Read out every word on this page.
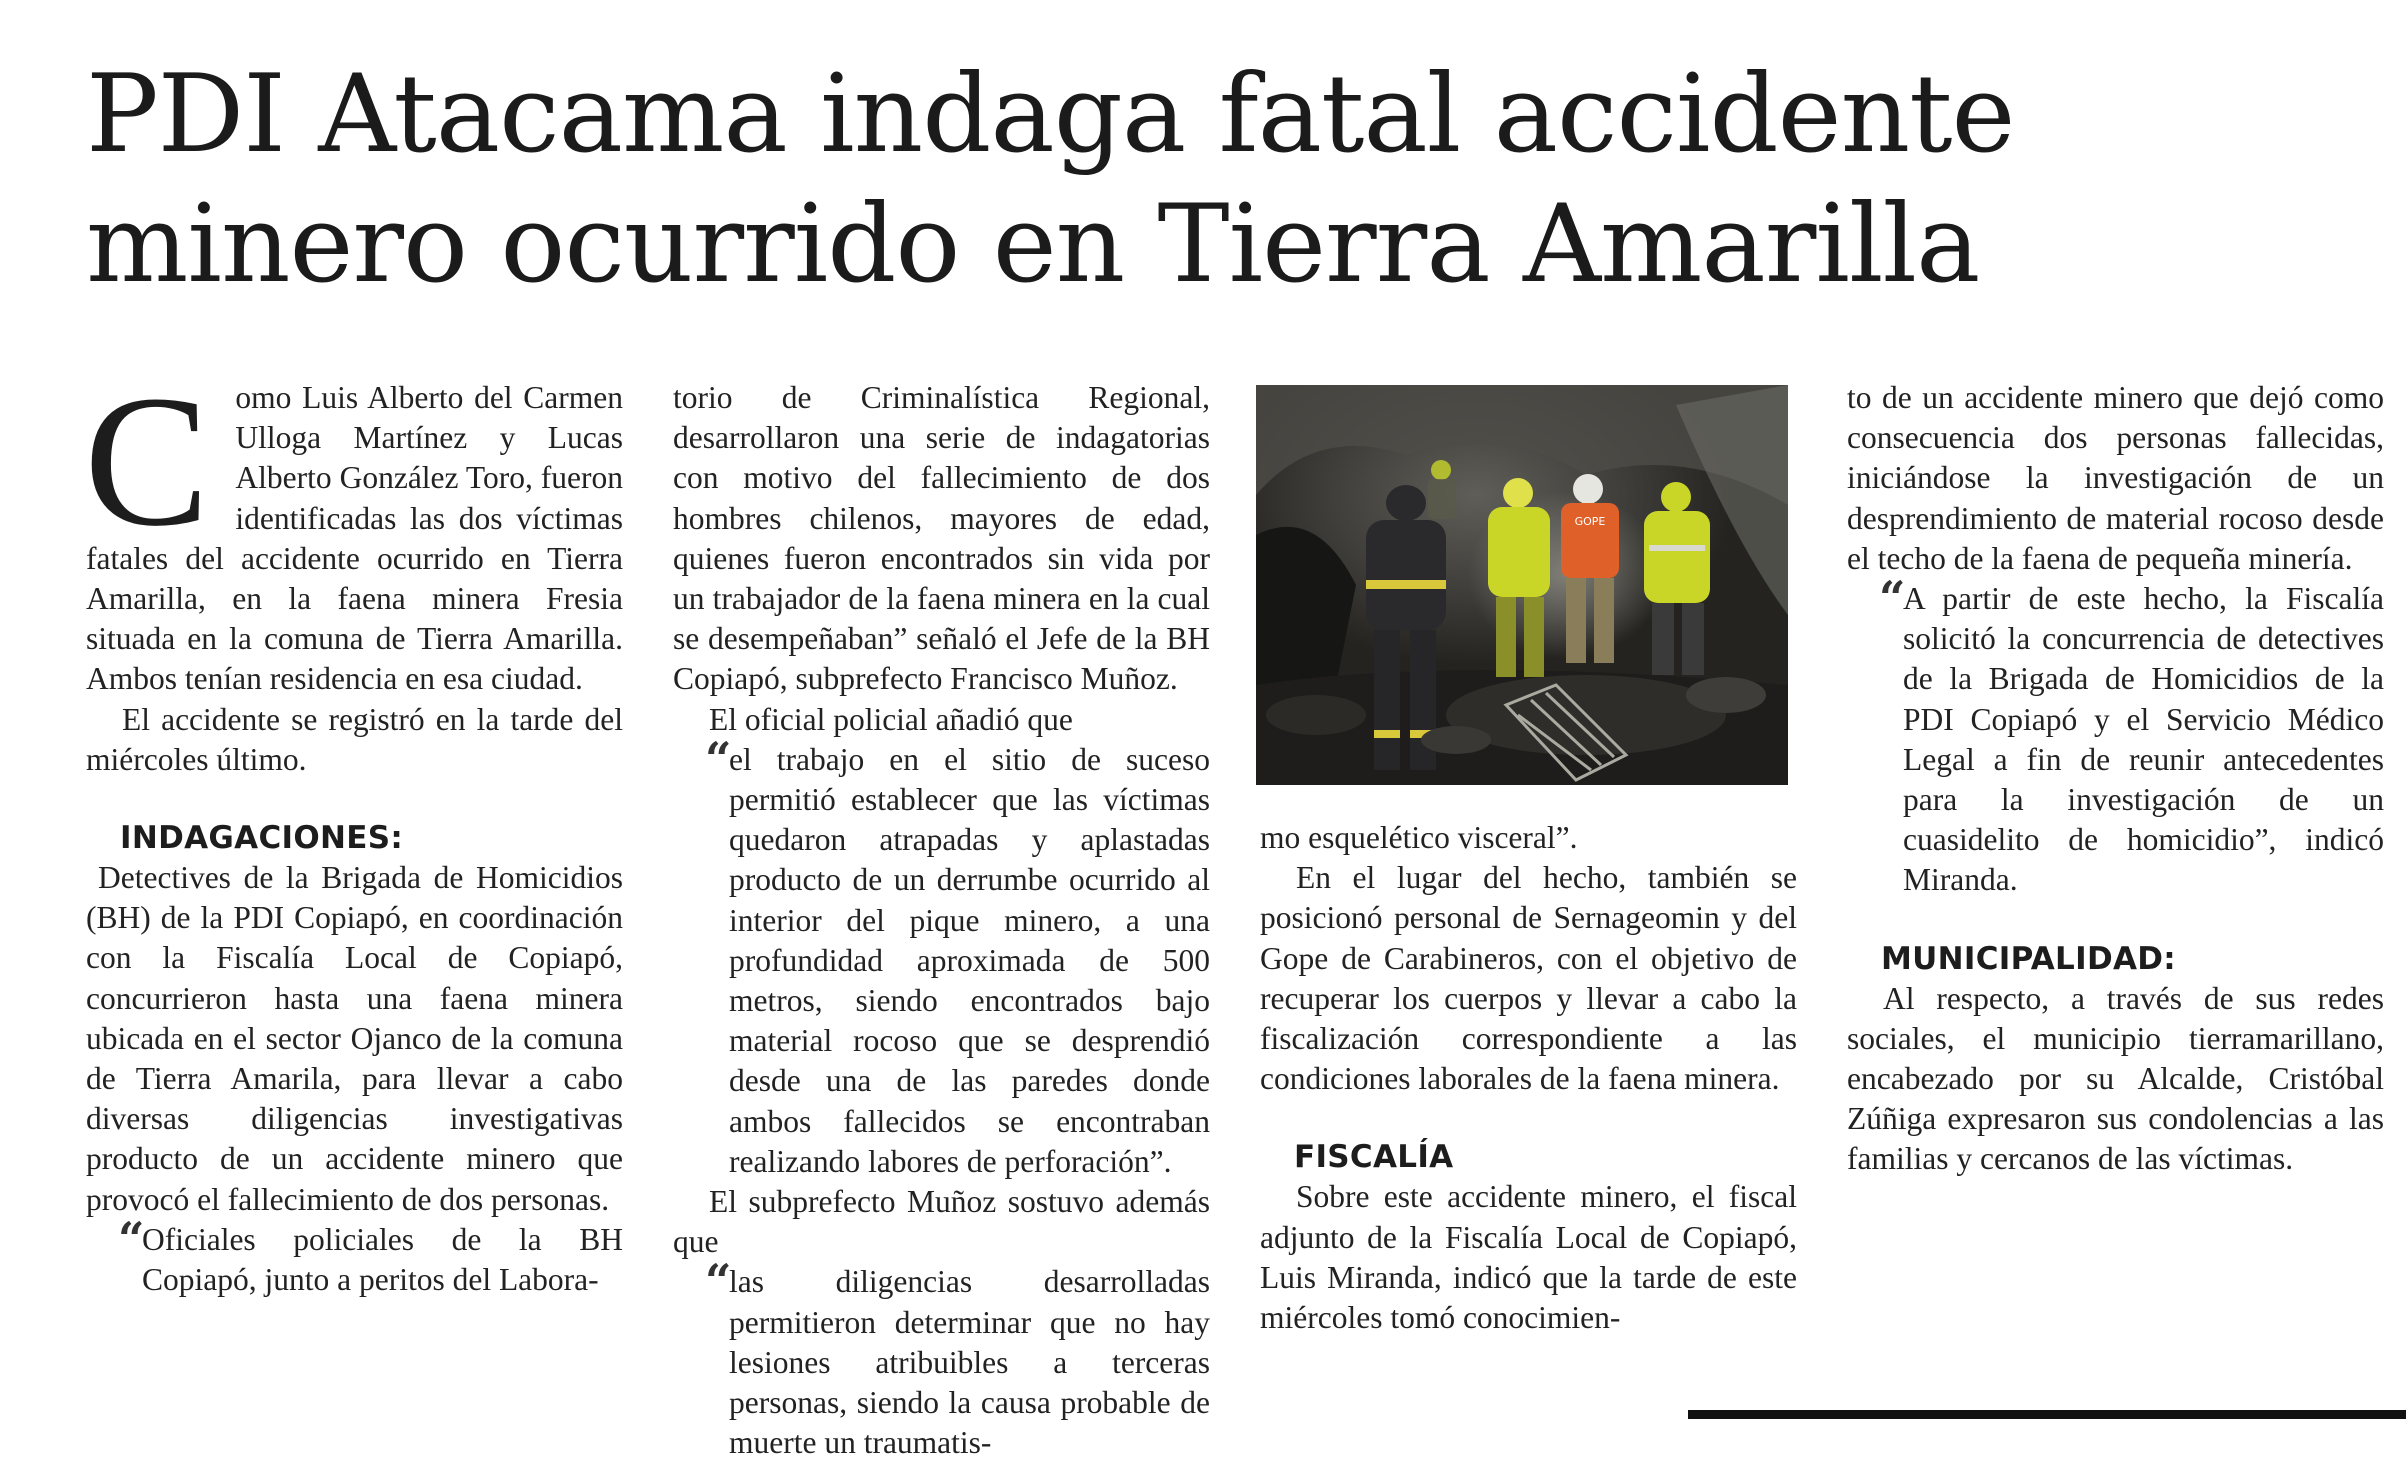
PDI Atacama indaga fatal accidente minero ocurrido en Tierra Amarilla

Como Luis Alberto del Carmen Ulloga Martínez y Lucas Alberto González Toro, fueron identificadas las dos víctimas fatales del accidente ocurrido en Tierra Amarilla, en la faena minera Fresia situada en la comuna de Tierra Amarilla. Ambos tenían residencia en esa ciudad.

El accidente se registró en la tarde del miércoles último.

INDAGACIONES:

Detectives de la Brigada de Homicidios (BH) de la PDI Copiapó, en coordinación con la Fiscalía Local de Copiapó, concurrieron hasta una faena minera ubicada en el sector Ojanco de la comuna de Tierra Amarila, para llevar a cabo diversas diligencias investigativas producto de un accidente minero que provocó el fallecimiento de dos personas.

“
Oficiales policiales de la BH Copiapó, junto a peritos del Labora-

torio de Criminalística Regional, desarrollaron una serie de indagatorias con motivo del fallecimiento de dos hombres chilenos, mayores de edad, quienes fueron encontrados sin vida por un trabajador de la faena minera en la cual se desempeñaban” señaló el Jefe de la BH Copiapó, subprefecto Francisco Muñoz.

El oficial policial añadió que

“
el trabajo en el sitio de suceso permitió establecer que las víctimas quedaron atrapadas y aplastadas producto de un derrumbe ocurrido al interior del pique minero, a una profundidad aproximada de 500 metros, siendo encontrados bajo material rocoso que se desprendió desde una de las paredes donde ambos fallecidos se encontraban realizando labores de perforación”.

El subprefecto Muñoz sostuvo además que

“
las diligencias desarrolladas permitieron determinar que no hay lesiones atribuibles a terceras personas, siendo la causa probable de muerte un traumatis-

GOPE

mo esquelético visceral”.

En el lugar del hecho, también se posicionó personal de Sernageomin y del Gope de Carabineros, con el objetivo de recuperar los cuerpos y llevar a cabo la fiscalización correspondiente a las condiciones laborales de la faena minera.

FISCALÍA

Sobre este accidente minero, el fiscal adjunto de la Fiscalía Local de Copiapó, Luis Miranda, indicó que la tarde de este miércoles tomó conocimien-

to de un accidente minero que dejó como consecuencia dos personas fallecidas, iniciándose la investigación de un desprendimiento de material rocoso desde el techo de la faena de pequeña minería.

“
A partir de este hecho, la Fiscalía solicitó la concurrencia de detectives de la Brigada de Homicidios de la PDI Copiapó y el Servicio Médico Legal a fin de reunir antecedentes para la investigación de un cuasidelito de homicidio”, indicó Miranda.

MUNICIPALIDAD:

Al respecto, a través de sus redes sociales, el municipio tierramarillano, encabezado por su Alcalde, Cristóbal Zúñiga expresaron sus condolencias a las familias y cercanos de las víctimas.
